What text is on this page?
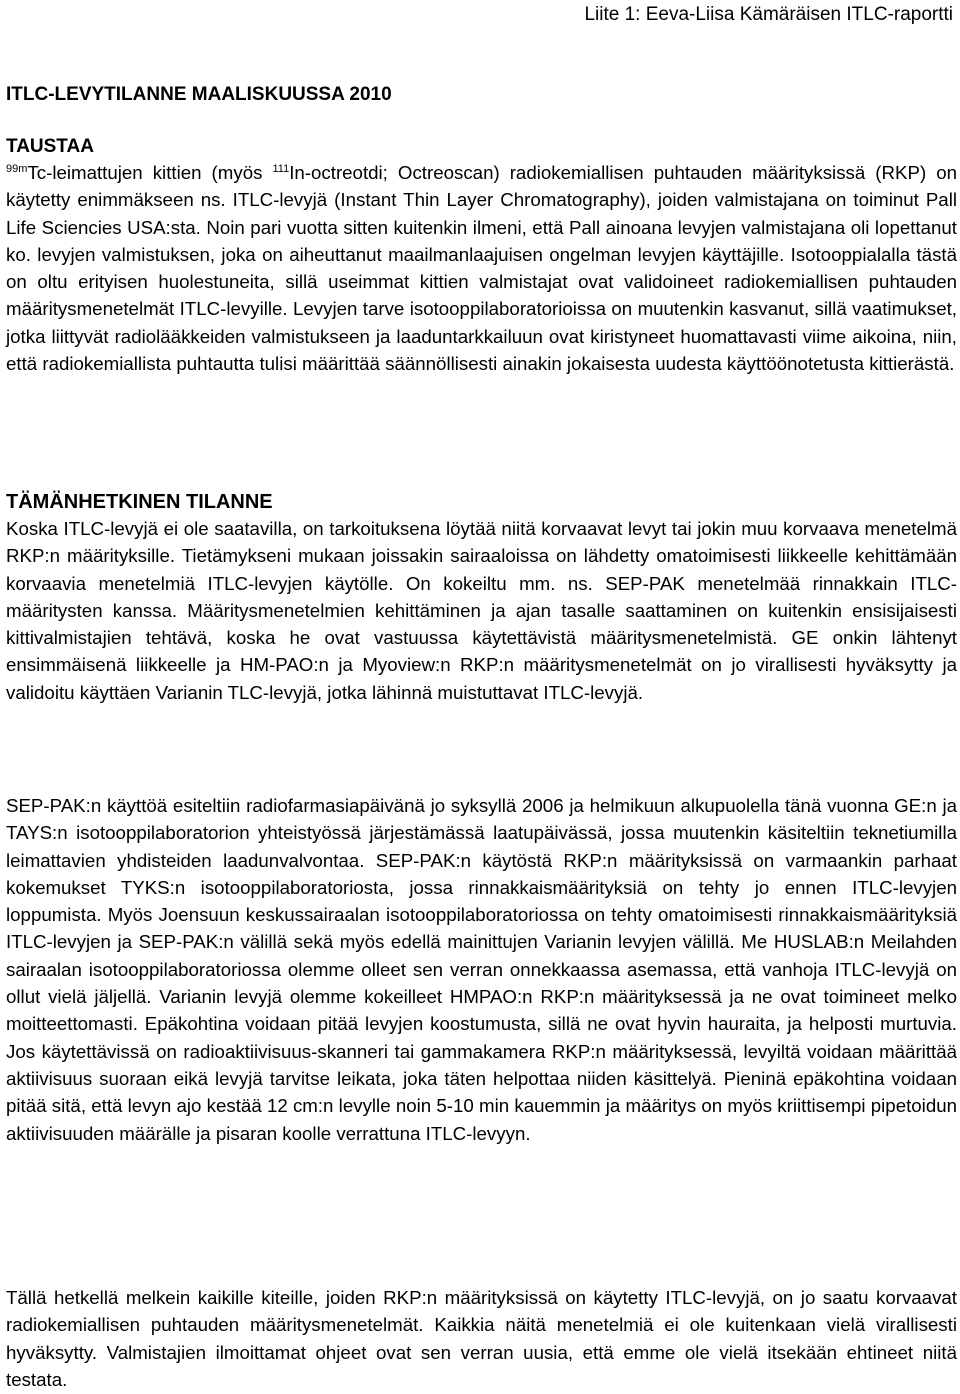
Liite 1: Eeva-Liisa Kämäräisen ITLC-raportti
ITLC-LEVYTILANNE MAALISKUUSSA 2010
TAUSTAA

$^{99m}$Tc-leimattujen kittien (myös $^{111}$In-octreotdi; Octreoscan) radiokemiallisen puhtauden määrityksissä (RKP) on käytetty enimmäkseen ns. ITLC-levyjä (Instant Thin Layer Chromatography), joiden valmistajana on toiminut Pall Life Sciencies USA:sta. Noin pari vuotta sitten kuitenkin ilmeni, että Pall ainoana levyjen valmistajana oli lopettanut ko. levyjen valmistuksen, joka on aiheuttanut maailmanlaajuisen ongelman levyjen käyttäjille. Isotooppialalla tästä on oltu erityisen huolestuneita, sillä useimmat kittien valmistajat ovat validoineet radiokemiallisen puhtauden määritysmenetelmät ITLC-levyille. Levyjen tarve isotooppilaboratorioissa on muutenkin kasvanut, sillä vaatimukset, jotka liittyvät radiolääkkeiden valmistukseen ja laaduntarkkailuun ovat kiristyneet huomattavasti viime aikoina, niin, että radiokemiallista puhtautta tulisi määrittää säännöllisesti ainakin jokaisesta uudesta käyttöönotetusta kittierästä.

TÄMÄNHETKINEN TILANNE

Koska ITLC-levyjä ei ole saatavilla, on tarkoituksena löytää niitä korvaavat levyt tai jokin muu korvaava menetelmä RKP:n määrityksille. Tietämykseni mukaan joissakin sairaaloissa on lähdetty omatoimisesti liikkeelle kehittämään korvaavia menetelmiä ITLC-levyjen käytölle. On kokeiltu mm. ns. SEP-PAK menetelmää rinnakkain ITLC-määritysten kanssa. Määritysmenetelmien kehittäminen ja ajan tasalle saattaminen on kuitenkin ensisijaisesti kittivalmistajien tehtävä, koska he ovat vastuussa käytettävistä määritysmenetelmistä. GE onkin lähtenyt ensimmäisenä liikkeelle ja HM-PAO:n ja Myoview:n RKP:n määritysmenetelmät on jo virallisesti hyväksytty ja validoitu käyttäen Varianin TLC-levyjä, jotka lähinnä muistuttavat ITLC-levyjä.

SEP-PAK:n käyttöä esiteltiin radiofarmasiapäivänä jo syksyllä 2006 ja helmikuun alkupuolella tänä vuonna GE:n ja TAYS:n isotooppilaboratorion yhteistyössä järjestämässä laatupäivässä, jossa muutenkin käsiteltiin teknetiumilla leimattavien yhdisteiden laadunvalvontaa. SEP-PAK:n käytöstä RKP:n määrityksissä on varmaankin parhaat kokemukset TYKS:n isotooppilaboratoriosta, jossa rinnakkaismäärityksiä on tehty jo ennen ITLC-levyjen loppumista. Myös Joensuun keskussairaalan isotooppilaboratoriossa on tehty omatoimisesti rinnakkaismäärityksiä ITLC-levyjen ja SEP-PAK:n välillä sekä myös edellä mainittujen Varianin levyjen välillä. Me HUSLAB:n Meilahden sairaalan isotooppilaboratoriossa olemme olleet sen verran onnekkaassa asemassa, että vanhoja ITLC-levyjä on ollut vielä jäljellä. Varianin levyjä olemme kokeilleet HMPAO:n RKP:n määrityksessä ja ne ovat toimineet melko moitteettomasti. Epäkohtina voidaan pitää levyjen koostumusta, sillä ne ovat hyvin hauraita, ja helposti murtuvia. Jos käytettävissä on radioaktiivisuus-skanneri tai gammakamera RKP:n määrityksessä, levyiltä voidaan määrittää aktiivisuus suoraan eikä levyjä tarvitse leikata, joka täten helpottaa niiden käsittelyä. Pieninä epäkohtina voidaan pitää sitä, että levyn ajo kestää 12 cm:n levylle noin 5-10 min kauemmin ja määritys on myös kriittisempi pipetoidun aktiivisuuden määrälle ja pisaran koolle verrattuna ITLC-levyyn.

Tällä hetkellä melkein kaikille kiteille, joiden RKP:n määrityksissä on käytetty ITLC-levyjä, on jo saatu korvaavat radiokemiallisen puhtauden määritysmenetelmät. Kaikkia näitä menetelmiä ei ole kuitenkaan vielä virallisesti hyväksytty. Valmistajien ilmoittamat ohjeet ovat sen verran uusia, että emme ole vielä itsekään ehtineet niitä testata.
